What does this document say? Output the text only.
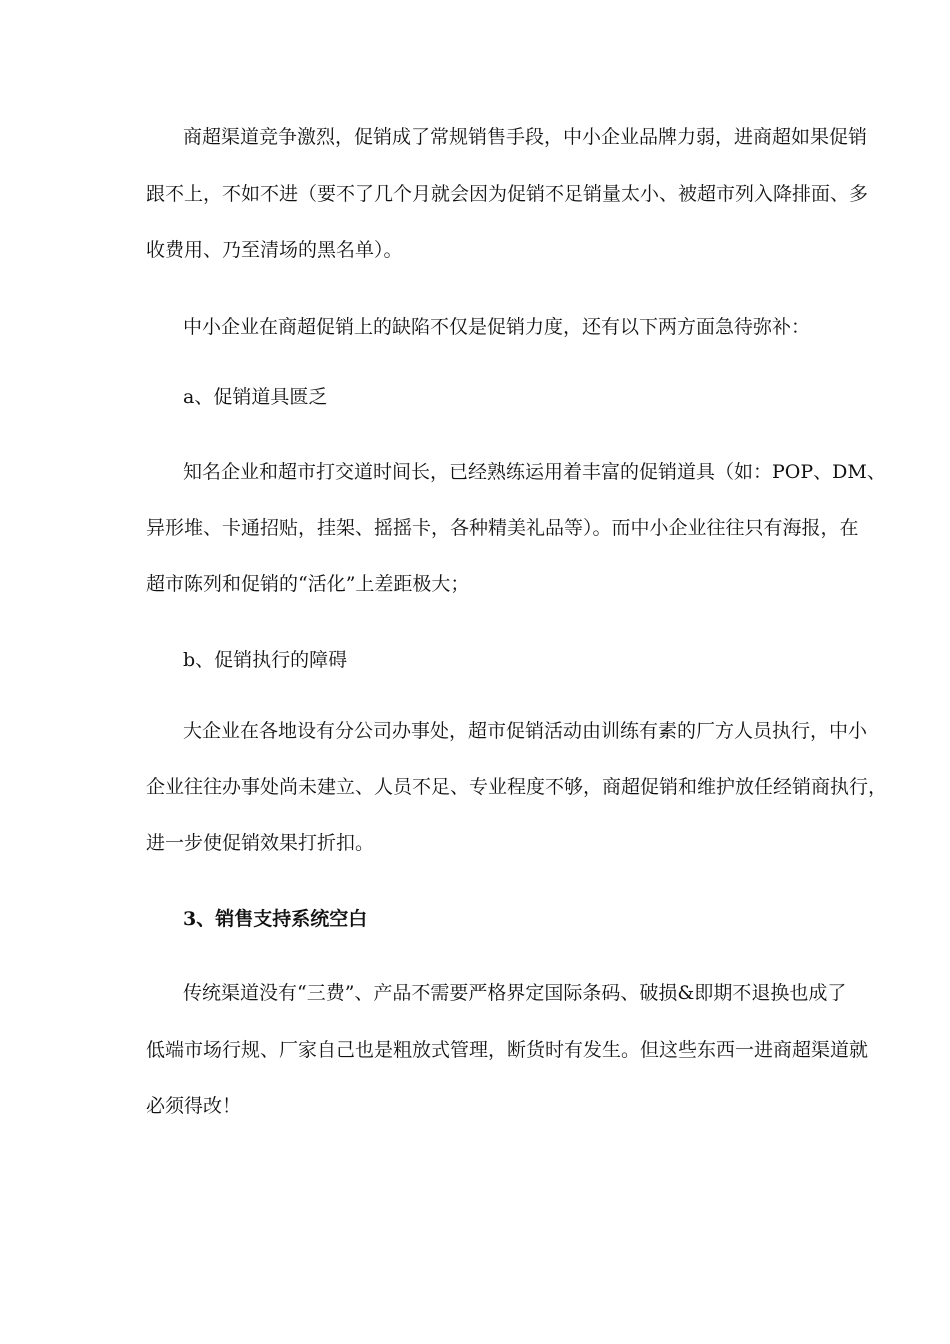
商超渠道竞争激烈，促销成了常规销售手段，中小企业品牌力弱，进商超如果促销
跟不上，不如不进（要不了几个月就会因为促销不足销量太小、被超市列入降排面、多
收费用、乃至清场的黑名单）。
中小企业在商超促销上的缺陷不仅是促销力度，还有以下两方面急待弥补：
a、促销道具匮乏
知名企业和超市打交道时间长，已经熟练运用着丰富的促销道具（如：POP、DM、
异形堆、卡通招贴，挂架、摇摇卡，各种精美礼品等）。而中小企业往往只有海报，在
超市陈列和促销的“活化”上差距极大；
b、促销执行的障碍
大企业在各地设有分公司办事处，超市促销活动由训练有素的厂方人员执行，中小
企业往往办事处尚未建立、人员不足、专业程度不够，商超促销和维护放任经销商执行，
进一步使促销效果打折扣。
3、销售支持系统空白
传统渠道没有“三费”、产品不需要严格界定国际条码、破损&即期不退换也成了
低端市场行规、厂家自己也是粗放式管理，断货时有发生。但这些东西一进商超渠道就
必须得改！
